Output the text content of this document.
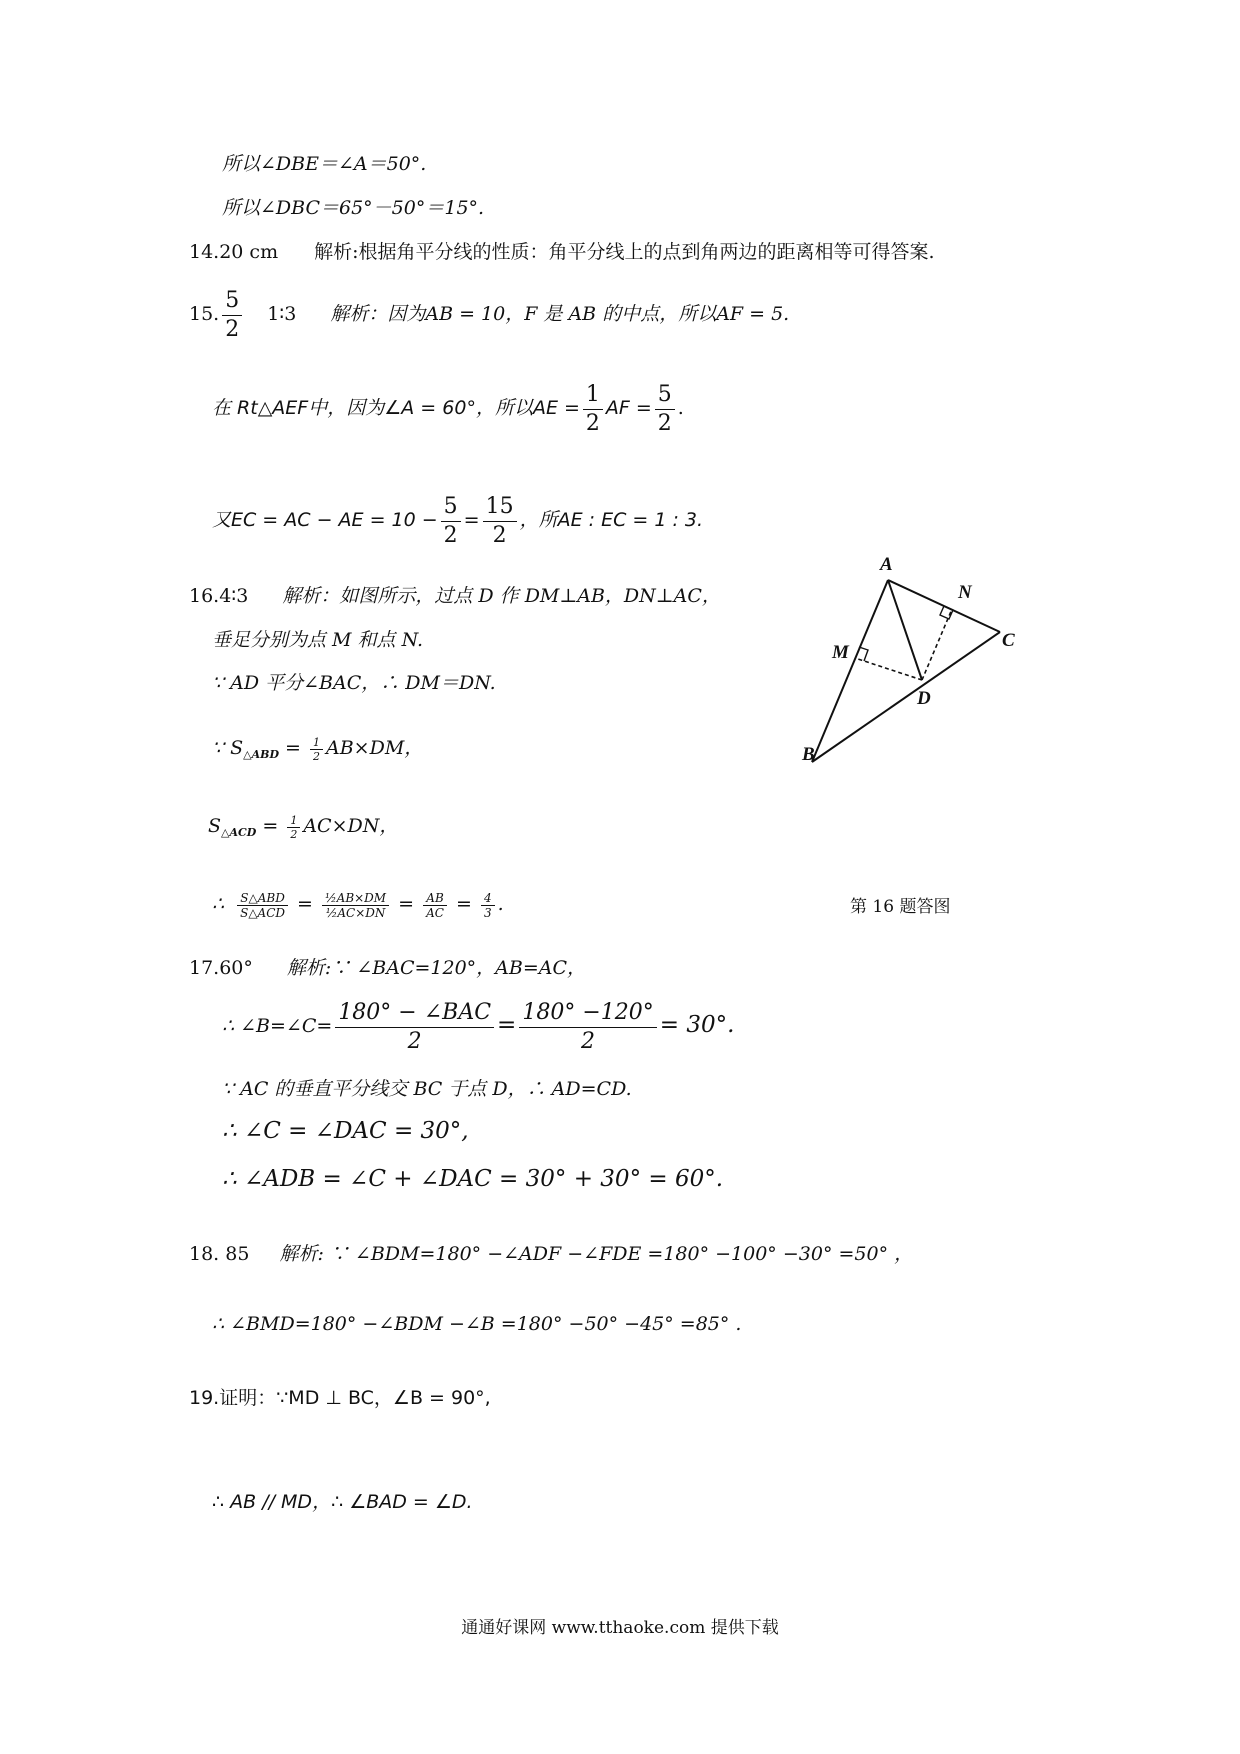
所以∠DBE＝∠A＝50°.
所以∠DBC＝65°－50°＝15°.
14.20 cm 解析:根据角平分线的性质：角平分线上的点到角两边的距离相等可得答案.
15. $\frac{5}{2}$ 1∶3 解析：因为AB = 10，F 是 AB 的中点，所以AF = 5.
在 Rt△AEF中，因为∠A = 60°，所以AE = $\frac{1}{2}$ AF = $\frac{5}{2}$ .
又EC = AC − AE = $10 - \frac{5}{2} = \frac{15}{2}$ ，所AE : EC = 1 : 3.
16.4∶3 解析：如图所示，过点 D 作 DM⊥AB，DN⊥AC，
垂足分别为点 M 和点 N.
∵ AD 平分∠BAC，∴ DM＝DN.
∵ $S_{\triangle ABD} = \frac{1}{2} AB\times DM$，
$S_{\triangle ACD} = \frac{1}{2} AC\times DN$，
∴ $\frac{\text{S△ABD}}{\text{S△ACD}} = \frac{\text{½AB×DM}}{\text{½AC×DN}} = \frac{AB}{AC} = \frac{4}{3}$ .
A
N
C
M
D
B
第 16 题答图
17.60° 解析:∵ ∠BAC=120°，AB=AC，
∴ ∠B=∠C= $\frac{\text{180° − ∠BAC}}{2} = \frac{180^\circ -120^\circ}{2} = 30^\circ$.
∵ AC 的垂直平分线交 BC 于点 D，∴ AD=CD.
∴ ∠C = ∠DAC = 30°,
∴ ∠ADB = ∠C + ∠DAC = 30° + 30° = 60°.
18. 85 解析: ∵ ∠BDM=180° −∠ADF −∠FDE =180° −100° −30° =50° ，
∴ ∠BMD=180° −∠BDM −∠B =180° −50° −45° =85° .
19.证明：∵MD ⊥ BC，∠B = 90°,
∴ AB // MD，∴ ∠BAD = ∠D.
通通好课网 www.tthaoke.com 提供下载
